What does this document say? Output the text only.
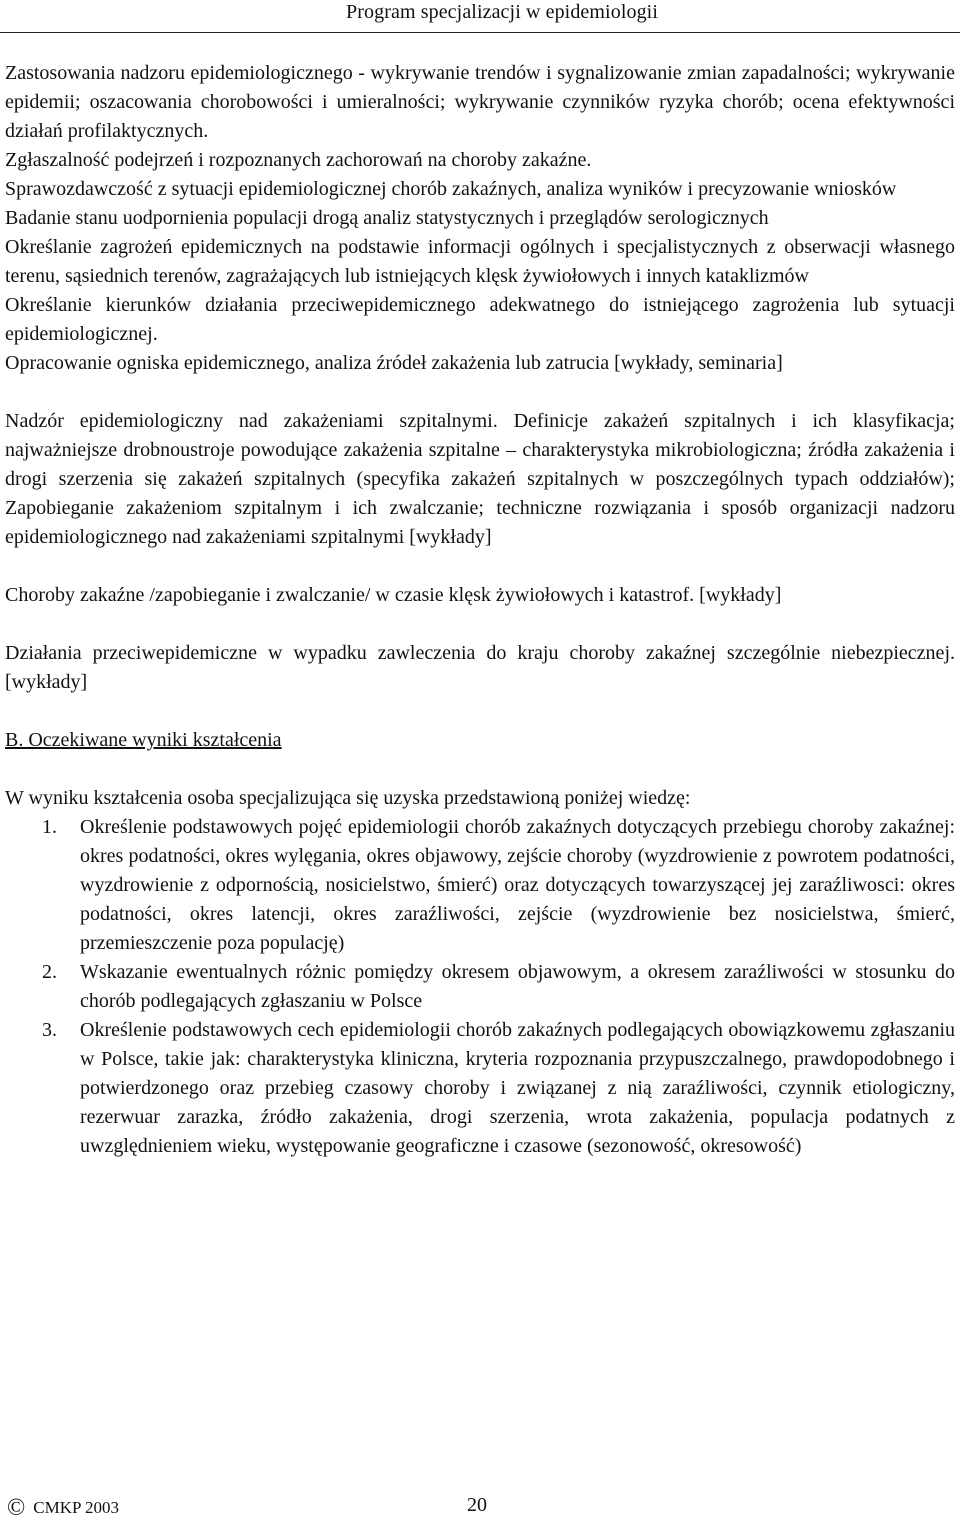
Program specjalizacji w epidemiologii

Zastosowania nadzoru epidemiologicznego - wykrywanie trendów i sygnalizowanie zmian zapadalności; wykrywanie epidemii; oszacowania chorobowości i umieralności; wykrywanie czynników ryzyka chorób; ocena efektywności działań profilaktycznych.

Zgłaszalność podejrzeń i rozpoznanych zachorowań na choroby zakaźne.

Sprawozdawczość z sytuacji epidemiologicznej chorób zakaźnych, analiza wyników i precyzowanie wniosków

Badanie stanu uodpornienia populacji drogą analiz statystycznych i przeglądów serologicznych

Określanie zagrożeń epidemicznych na podstawie informacji ogólnych i specjalistycznych z obserwacji własnego terenu, sąsiednich terenów, zagrażających lub istniejących klęsk żywiołowych i innych kataklizmów

Określanie kierunków działania przeciwepidemicznego adekwatnego do istniejącego zagrożenia lub sytuacji epidemiologicznej.

Opracowanie ogniska epidemicznego, analiza źródeł zakażenia lub zatrucia [wykłady, seminaria]

Nadzór epidemiologiczny nad zakażeniami szpitalnymi. Definicje zakażeń szpitalnych i ich klasyfikacja; najważniejsze drobnoustroje powodujące zakażenia szpitalne – charakterystyka mikrobiologiczna; źródła zakażenia i drogi szerzenia się zakażeń szpitalnych (specyfika zakażeń szpitalnych w poszczególnych typach oddziałów); Zapobieganie zakażeniom szpitalnym i ich zwalczanie; techniczne rozwiązania i sposób organizacji nadzoru epidemiologicznego nad zakażeniami szpitalnymi [wykłady]

Choroby zakaźne /zapobieganie i zwalczanie/ w czasie klęsk żywiołowych i katastrof. [wykłady]

Działania przeciwepidemiczne w wypadku zawleczenia do kraju choroby zakaźnej szczególnie niebezpiecznej. [wykłady]

B. Oczekiwane wyniki kształcenia

W wyniku kształcenia osoba specjalizująca się uzyska przedstawioną poniżej wiedzę:

1.	Określenie podstawowych pojęć epidemiologii chorób zakaźnych dotyczących przebiegu choroby zakaźnej: okres podatności, okres wylęgania, okres objawowy, zejście choroby (wyzdrowienie z powrotem podatności, wyzdrowienie z odpornością, nosicielstwo, śmierć) oraz dotyczących towarzyszącej jej zaraźliwosci: okres podatności, okres latencji, okres zaraźliwości, zejście (wyzdrowienie bez nosicielstwa, śmierć, przemieszczenie poza populację)
2.	Wskazanie ewentualnych różnic pomiędzy okresem objawowym, a okresem zaraźliwości w stosunku do chorób podlegających zgłaszaniu w Polsce
3.	Określenie podstawowych cech epidemiologii chorób zakaźnych podlegających obowiązkowemu zgłaszaniu w Polsce, takie jak: charakterystyka kliniczna, kryteria rozpoznania przypuszczalnego, prawdopodobnego i potwierdzonego oraz przebieg czasowy choroby i związanej z nią zaraźliwości, czynnik etiologiczny, rezerwuar zarazka, źródło zakażenia, drogi szerzenia, wrota zakażenia, populacja podatnych z uwzględnieniem wieku, występowanie geograficzne i czasowe (sezonowość, okresowość)
© CMKP 2003	20
